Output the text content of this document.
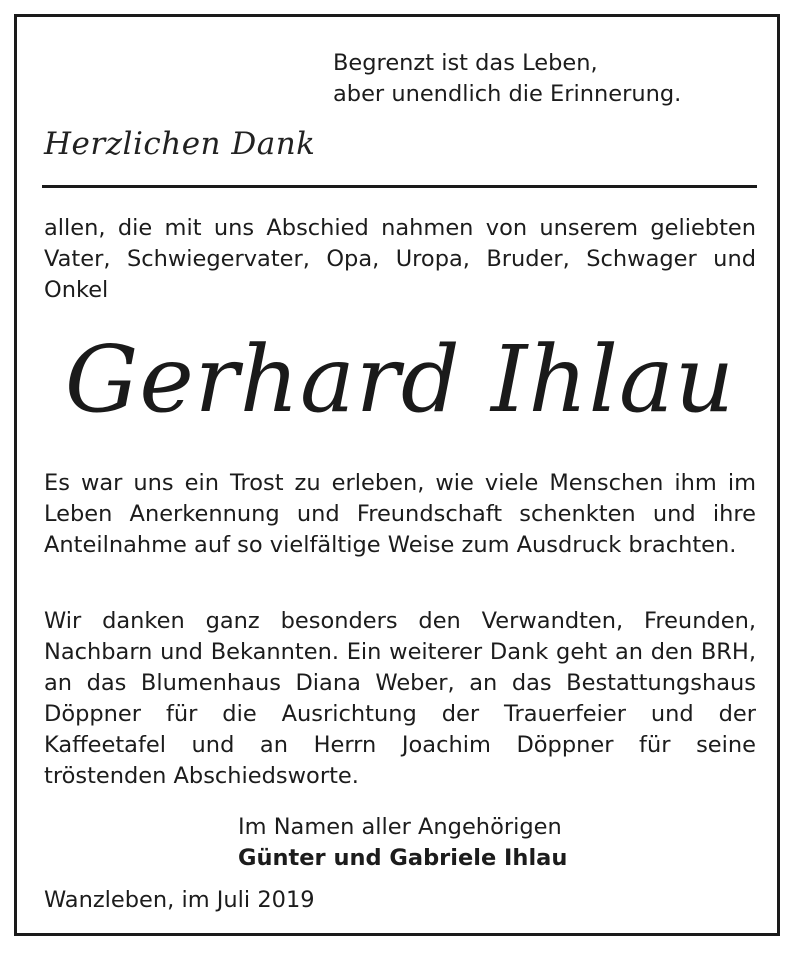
Begrenzt ist das Leben,
aber unendlich die Erinnerung.
Herzlichen Dank
allen, die mit uns Abschied nahmen von unserem geliebten Vater, Schwiegervater, Opa, Uropa, Bruder, Schwager und Onkel
Gerhard Ihlau
Es war uns ein Trost zu erleben, wie viele Menschen ihm im Leben Anerkennung und Freundschaft schenkten und ihre Anteilnahme auf so vielfältige Weise zum Ausdruck brachten.
Wir danken ganz besonders den Verwandten, Freunden, Nachbarn und Bekannten. Ein weiterer Dank geht an den BRH, an das Blumenhaus Diana Weber, an das Bestattungshaus Döppner für die Ausrichtung der Trauerfeier und der Kaffeetafel und an Herrn Joachim Döppner für seine tröstenden Abschiedsworte.
Im Namen aller Angehörigen
Günter und Gabriele Ihlau
Wanzleben, im Juli 2019
